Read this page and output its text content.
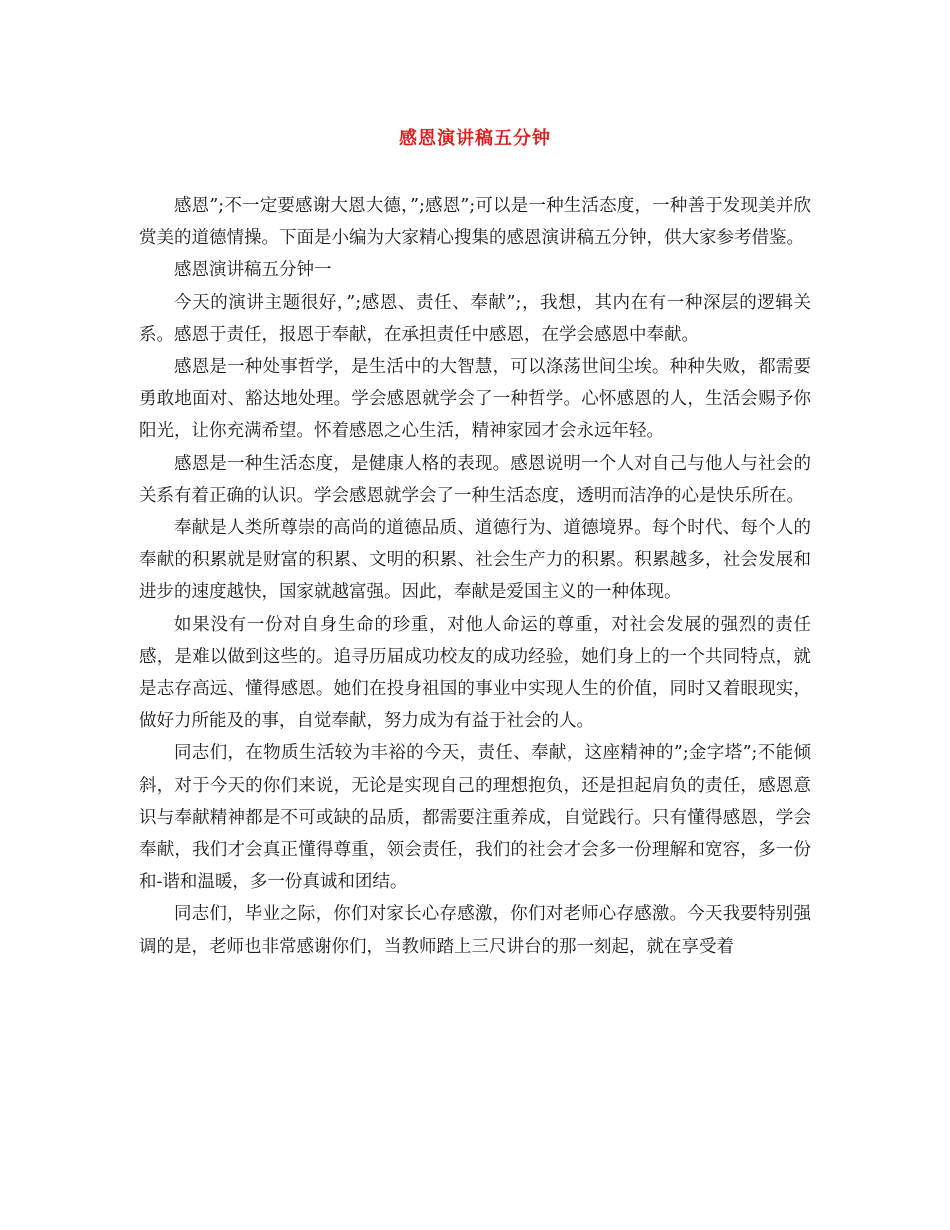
感恩演讲稿五分钟

感恩”;不一定要感谢大恩大德，”;感恩”;可以是一种生活态度，一种善于发现美并欣赏美的道德情操。下面是小编为大家精心搜集的感恩演讲稿五分钟，供大家参考借鉴。

感恩演讲稿五分钟一

今天的演讲主题很好，”;感恩、责任、奉献”;，我想，其内在有一种深层的逻辑关系。感恩于责任，报恩于奉献，在承担责任中感恩，在学会感恩中奉献。

感恩是一种处事哲学，是生活中的大智慧，可以涤荡世间尘埃。种种失败，都需要勇敢地面对、豁达地处理。学会感恩就学会了一种哲学。心怀感恩的人，生活会赐予你阳光，让你充满希望。怀着感恩之心生活，精神家园才会永远年轻。

感恩是一种生活态度，是健康人格的表现。感恩说明一个人对自己与他人与社会的关系有着正确的认识。学会感恩就学会了一种生活态度，透明而洁净的心是快乐所在。

奉献是人类所尊崇的高尚的道德品质、道德行为、道德境界。每个时代、每个人的奉献的积累就是财富的积累、文明的积累、社会生产力的积累。积累越多，社会发展和进步的速度越快，国家就越富强。因此，奉献是爱国主义的一种体现。

如果没有一份对自身生命的珍重，对他人命运的尊重，对社会发展的强烈的责任感，是难以做到这些的。追寻历届成功校友的成功经验，她们身上的一个共同特点，就是志存高远、懂得感恩。她们在投身祖国的事业中实现人生的价值，同时又着眼现实，做好力所能及的事，自觉奉献，努力成为有益于社会的人。

同志们，在物质生活较为丰裕的今天，责任、奉献，这座精神的”;金字塔”;不能倾斜，对于今天的你们来说，无论是实现自己的理想抱负，还是担起肩负的责任，感恩意识与奉献精神都是不可或缺的品质，都需要注重养成，自觉践行。只有懂得感恩，学会奉献，我们才会真正懂得尊重，领会责任，我们的社会才会多一份理解和宽容，多一份和-谐和温暖，多一份真诚和团结。

同志们，毕业之际，你们对家长心存感激，你们对老师心存感激。今天我要特别强调的是，老师也非常感谢你们，当教师踏上三尺讲台的那一刻起，就在享受着
